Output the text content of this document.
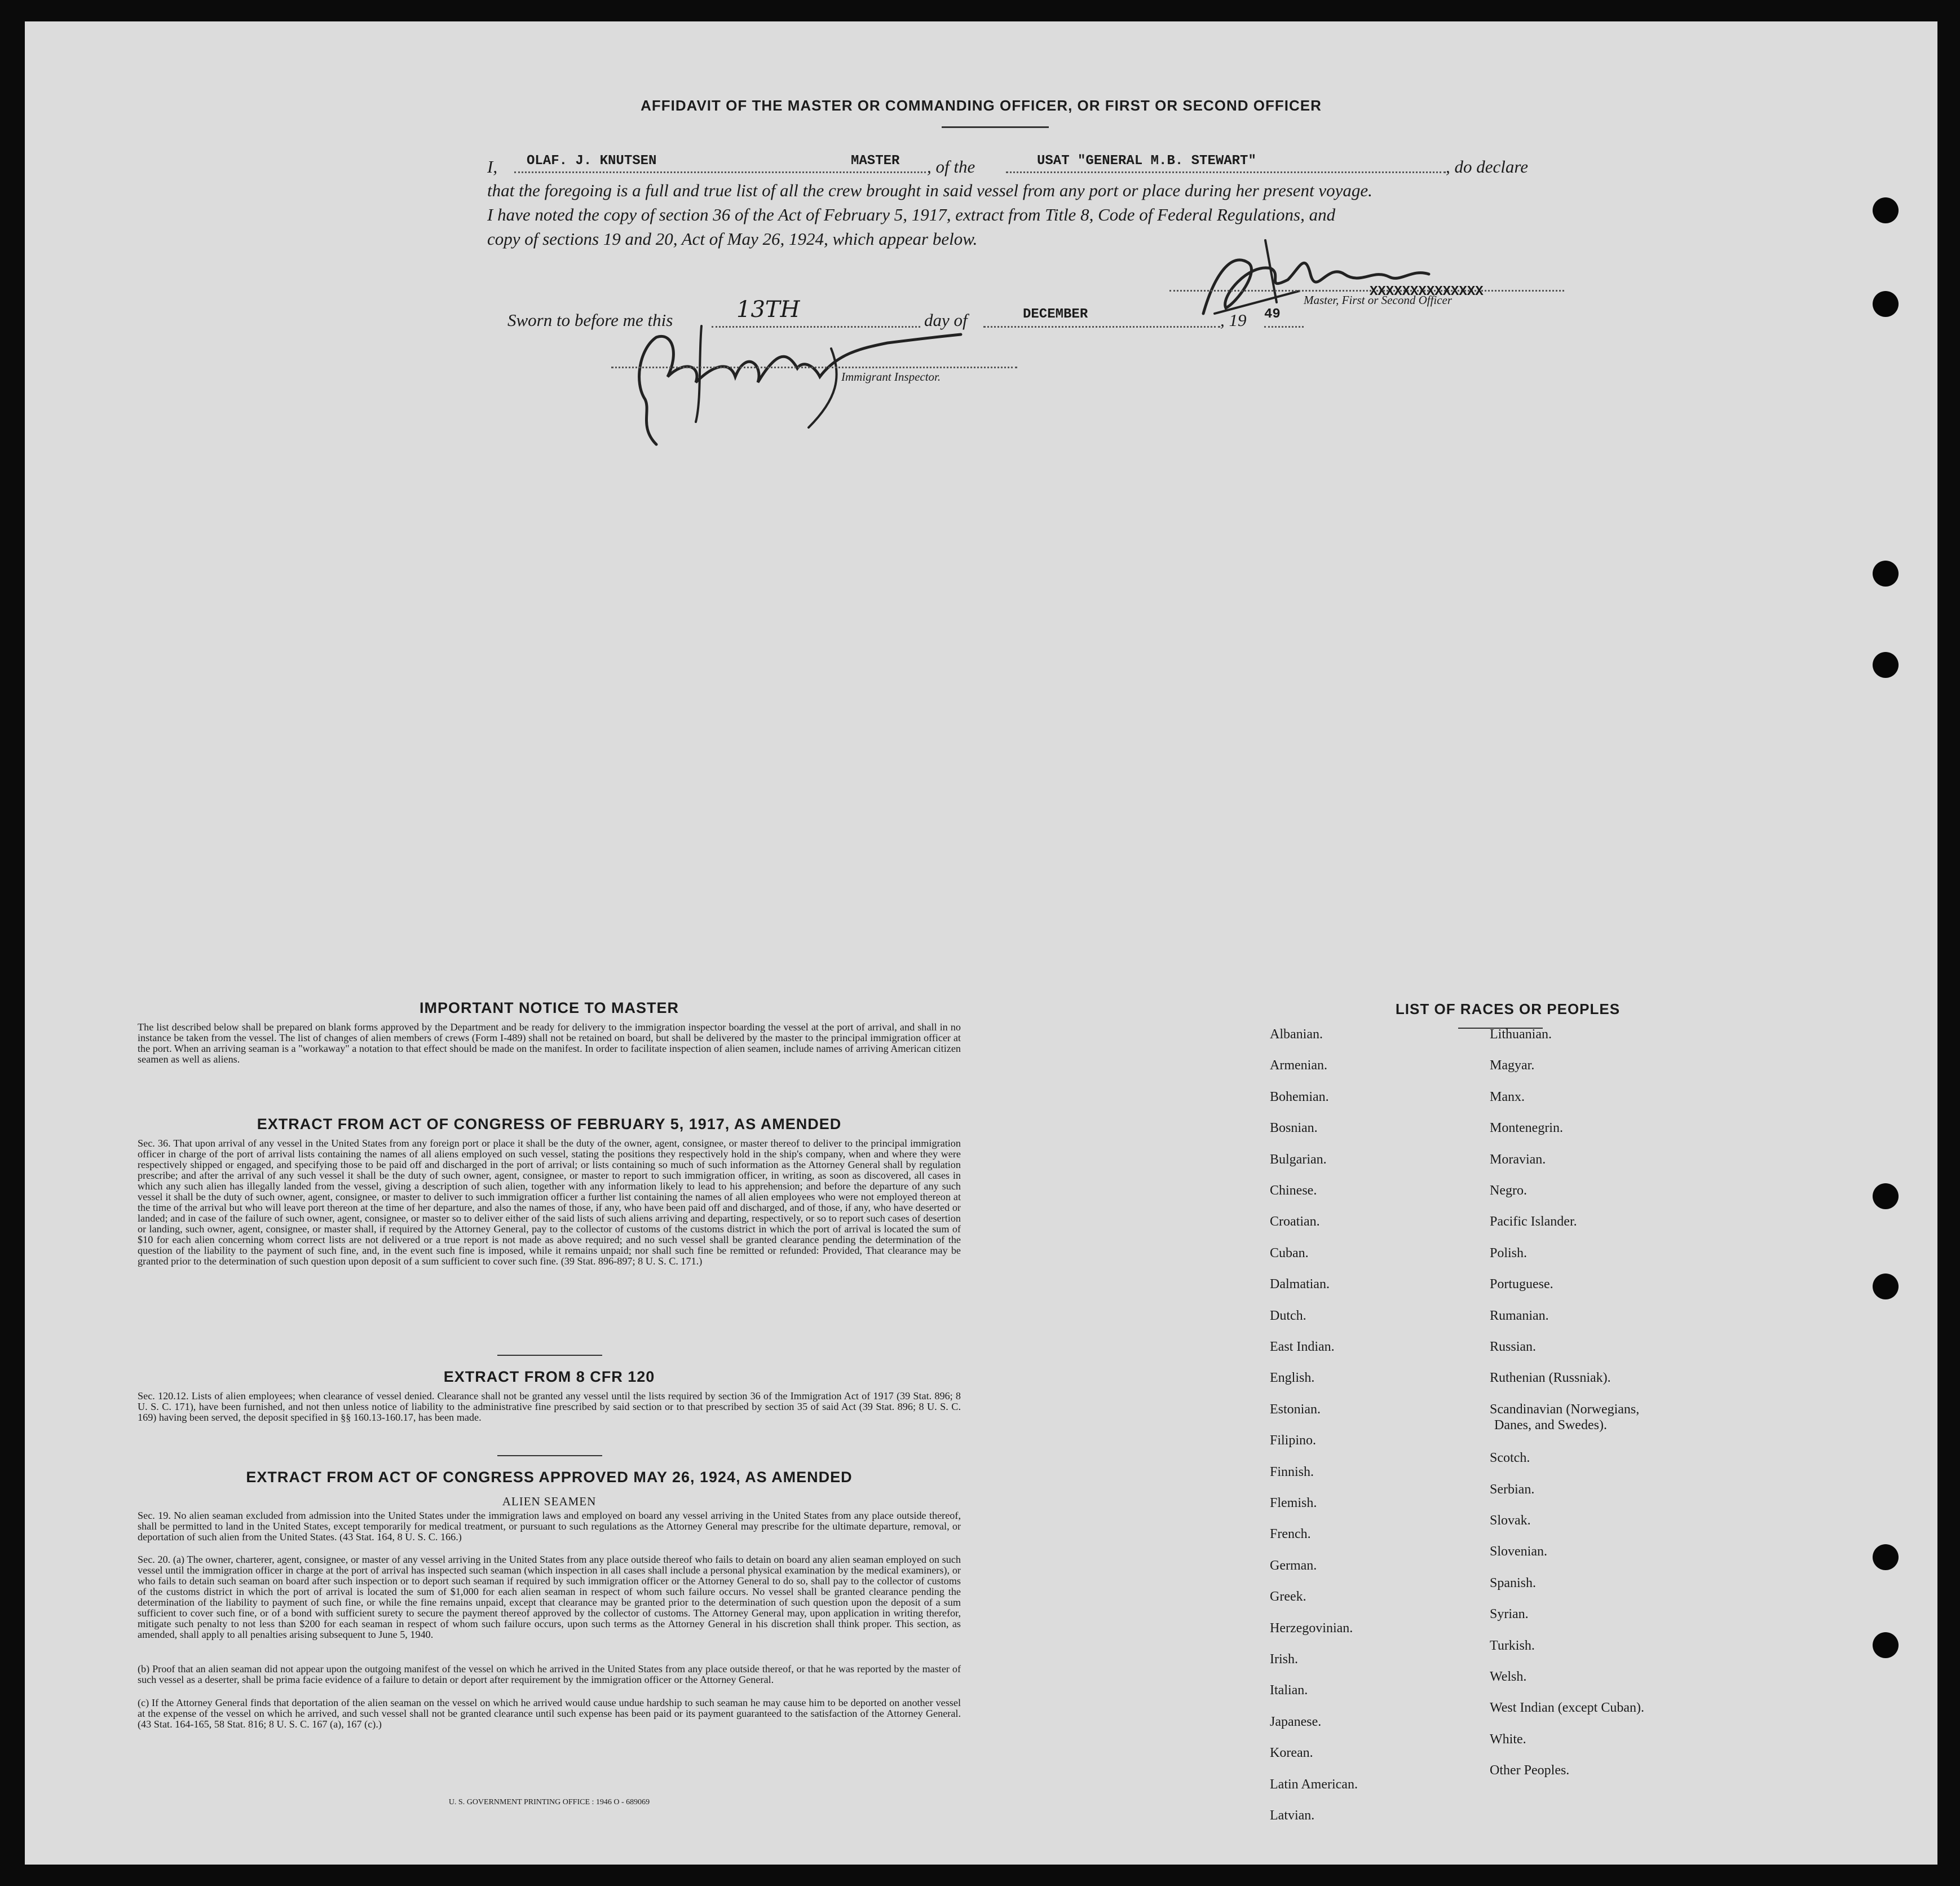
AFFIDAVIT OF THE MASTER OR COMMANDING OFFICER, OR FIRST OR SECOND OFFICER
I, OLAF. J. KNUTSEN	MASTER , of the	USAT "GENERAL M.B. STEWART"	, do declare
that the foregoing is a full and true list of all the crew brought in said vessel from any port or place during her present voyage.
I have noted the copy of section 36 of the Act of February 5, 1917, extract from Title 8, Code of Federal Regulations, and
copy of sections 19 and 20, Act of May 26, 1924, which appear below.
Master, First or Second Officer
XXXXXXXXXXXXXX
Sworn to before me this	13TH	day of	DECEMBER	, 19 49
Immigrant Inspector.
IMPORTANT NOTICE TO MASTER
The list described below shall be prepared on blank forms approved by the Department and be ready for delivery to the immigration inspector boarding the vessel at the port of arrival, and shall in no instance be taken from the vessel. The list of changes of alien members of crews (Form I-489) shall not be retained on board, but shall be delivered by the master to the principal immigration officer at the port. When an arriving seaman is a "workaway" a notation to that effect should be made on the manifest. In order to facilitate inspection of alien seamen, include names of arriving American citizen seamen as well as aliens.
EXTRACT FROM ACT OF CONGRESS OF FEBRUARY 5, 1917, AS AMENDED
Sec. 36. That upon arrival of any vessel in the United States from any foreign port or place it shall be the duty of the owner, agent, consignee, or master thereof to deliver to the principal immigration officer in charge of the port of arrival lists containing the names of all aliens employed on such vessel, stating the positions they respectively hold in the ship's company, when and where they were respectively shipped or engaged, and specifying those to be paid off and discharged in the port of arrival; or lists containing so much of such information as the Attorney General shall by regulation prescribe; and after the arrival of any such vessel it shall be the duty of such owner, agent, consignee, or master to report to such immigration officer, in writing, as soon as discovered, all cases in which any such alien has illegally landed from the vessel, giving a description of such alien, together with any information likely to lead to his apprehension; and before the departure of any such vessel it shall be the duty of such owner, agent, consignee, or master to deliver to such immigration officer a further list containing the names of all alien employees who were not employed thereon at the time of the arrival but who will leave port thereon at the time of her departure, and also the names of those, if any, who have been paid off and discharged, and of those, if any, who have deserted or landed; and in case of the failure of such owner, agent, consignee, or master so to deliver either of the said lists of such aliens arriving and departing, respectively, or so to report such cases of desertion or landing, such owner, agent, consignee, or master shall, if required by the Attorney General, pay to the collector of customs of the customs district in which the port of arrival is located the sum of $10 for each alien concerning whom correct lists are not delivered or a true report is not made as above required; and no such vessel shall be granted clearance pending the determination of the question of the liability to the payment of such fine, and, in the event such fine is imposed, while it remains unpaid; nor shall such fine be remitted or refunded: Provided, That clearance may be granted prior to the determination of such question upon deposit of a sum sufficient to cover such fine. (39 Stat. 896-897; 8 U. S. C. 171.)
EXTRACT FROM 8 CFR 120
Sec. 120.12. Lists of alien employees; when clearance of vessel denied. Clearance shall not be granted any vessel until the lists required by section 36 of the Immigration Act of 1917 (39 Stat. 896; 8 U. S. C. 171), have been furnished, and not then unless notice of liability to the administrative fine prescribed by said section or to that prescribed by section 35 of said Act (39 Stat. 896; 8 U. S. C. 169) having been served, the deposit specified in §§ 160.13-160.17, has been made.
EXTRACT FROM ACT OF CONGRESS APPROVED MAY 26, 1924, AS AMENDED
ALIEN SEAMEN
Sec. 19. No alien seaman excluded from admission into the United States under the immigration laws and employed on board any vessel arriving in the United States from any place outside thereof, shall be permitted to land in the United States, except temporarily for medical treatment, or pursuant to such regulations as the Attorney General may prescribe for the ultimate departure, removal, or deportation of such alien from the United States. (43 Stat. 164, 8 U. S. C. 166.)
Sec. 20. (a) The owner, charterer, agent, consignee, or master of any vessel arriving in the United States from any place outside thereof who fails to detain on board any alien seaman employed on such vessel until the immigration officer in charge at the port of arrival has inspected such seaman (which inspection in all cases shall include a personal physical examination by the medical examiners), or who fails to detain such seaman on board after such inspection or to deport such seaman if required by such immigration officer or the Attorney General to do so, shall pay to the collector of customs of the customs district in which the port of arrival is located the sum of $1,000 for each alien seaman in respect of whom such failure occurs. No vessel shall be granted clearance pending the determination of the liability to payment of such fine, or while the fine remains unpaid, except that clearance may be granted prior to the determination of such question upon the deposit of a sum sufficient to cover such fine, or of a bond with sufficient surety to secure the payment thereof approved by the collector of customs. The Attorney General may, upon application in writing therefor, mitigate such penalty to not less than $200 for each seaman in respect of whom such failure occurs, upon such terms as the Attorney General in his discretion shall think proper. This section, as amended, shall apply to all penalties arising subsequent to June 5, 1940.
(b) Proof that an alien seaman did not appear upon the outgoing manifest of the vessel on which he arrived in the United States from any place outside thereof, or that he was reported by the master of such vessel as a deserter, shall be prima facie evidence of a failure to detain or deport after requirement by the immigration officer or the Attorney General.
(c) If the Attorney General finds that deportation of the alien seaman on the vessel on which he arrived would cause undue hardship to such seaman he may cause him to be deported on another vessel at the expense of the vessel on which he arrived, and such vessel shall not be granted clearance until such expense has been paid or its payment guaranteed to the satisfaction of the Attorney General. (43 Stat. 164-165, 58 Stat. 816; 8 U. S. C. 167 (a), 167 (c).)
U. S. GOVERNMENT PRINTING OFFICE : 1946 O - 689069
LIST OF RACES OR PEOPLES
Albanian.
Armenian.
Bohemian.
Bosnian.
Bulgarian.
Chinese.
Croatian.
Cuban.
Dalmatian.
Dutch.
East Indian.
English.
Estonian.
Filipino.
Finnish.
Flemish.
French.
German.
Greek.
Herzegovinian.
Irish.
Italian.
Japanese.
Korean.
Latin American.
Latvian.
Lithuanian.
Magyar.
Manx.
Montenegrin.
Moravian.
Negro.
Pacific Islander.
Polish.
Portuguese.
Rumanian.
Russian.
Ruthenian (Russniak).
Scandinavian (Norwegians,
Danes, and Swedes).
Scotch.
Serbian.
Slovak.
Slovenian.
Spanish.
Syrian.
Turkish.
Welsh.
West Indian (except Cuban).
White.
Other Peoples.
